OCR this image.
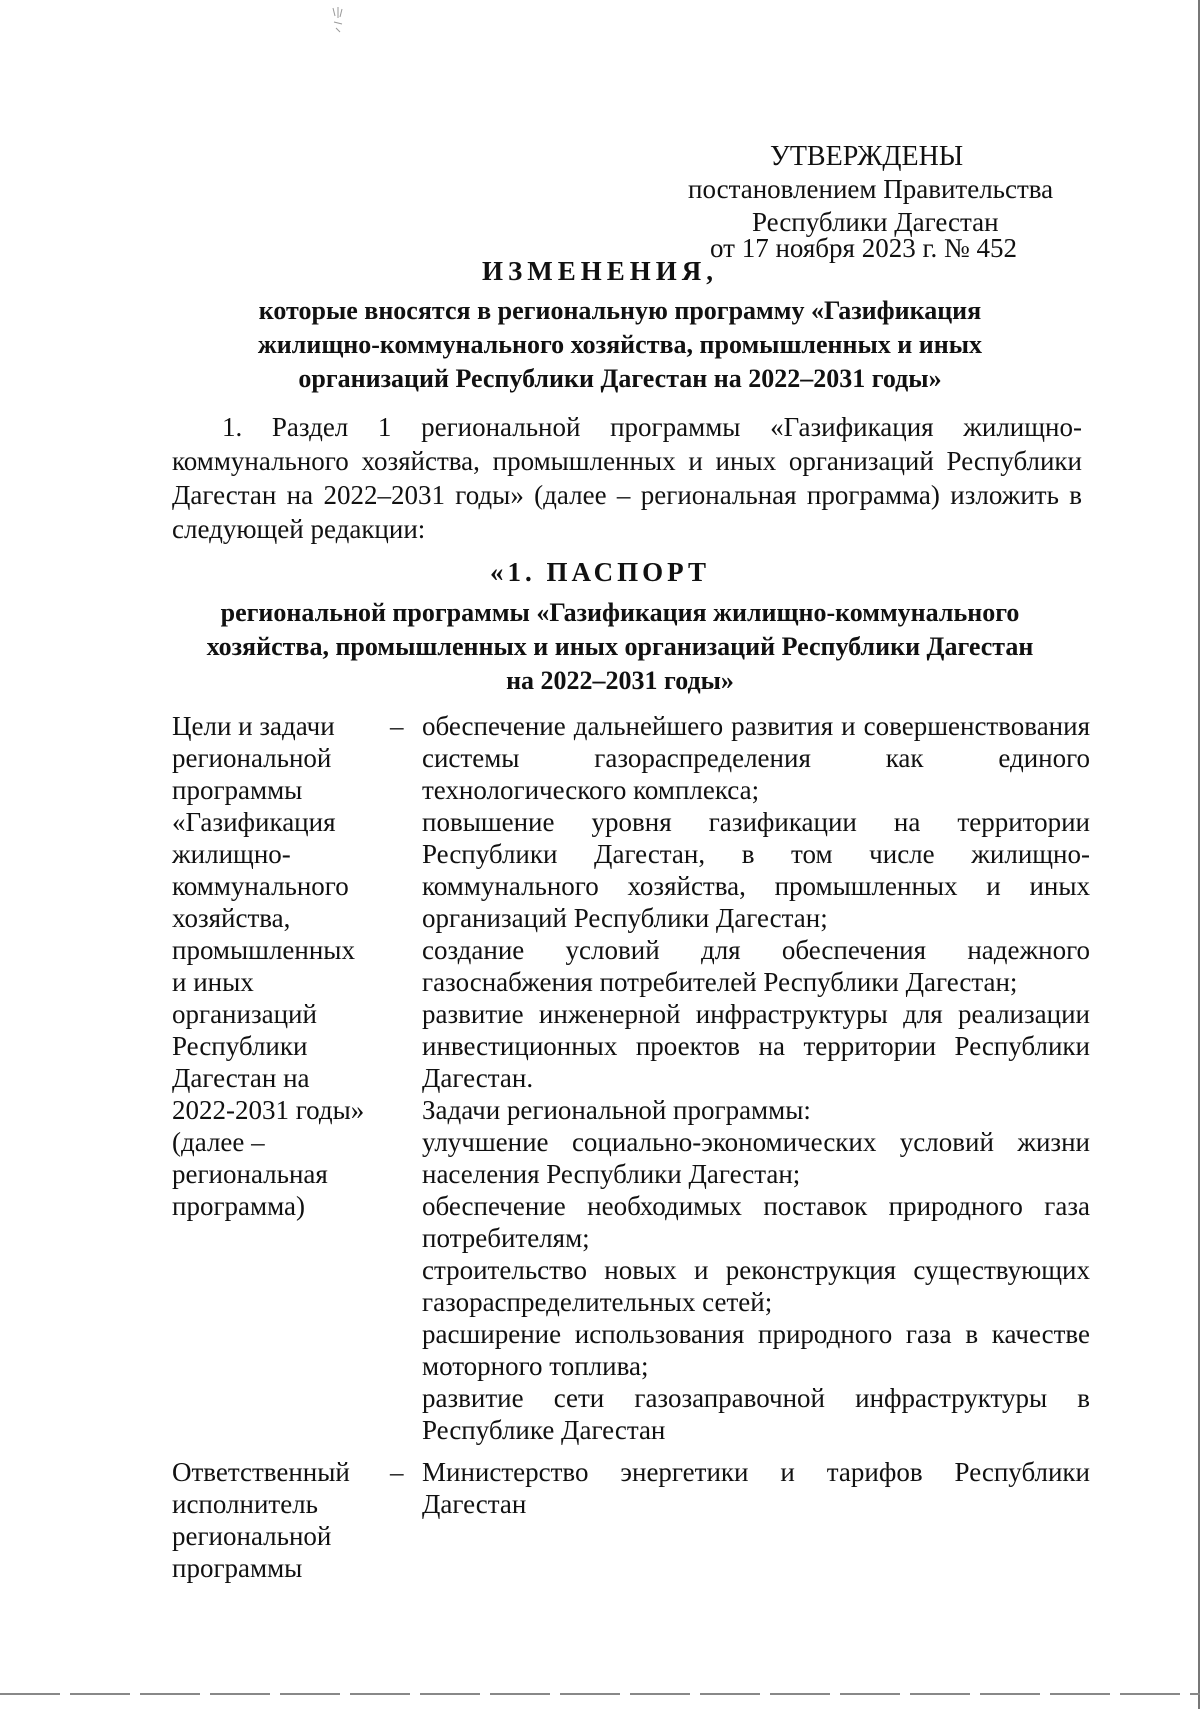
УТВЕРЖДЕНЫ
постановлением Правительства
Республики Дагестан
от 17 ноября 2023 г. № 452
ИЗМЕНЕНИЯ,
которые вносятся в региональную программу «Газификация жилищно-коммунального хозяйства, промышленных и иных организаций Республики Дагестан на 2022–2031 годы»
1. Раздел 1 региональной программы «Газификация жилищно-коммунального хозяйства, промышленных и иных организаций Республики Дагестан на 2022–2031 годы» (далее – региональная программа) изложить в следующей редакции:
«1. ПАСПОРТ
региональной программы «Газификация жилищно-коммунального хозяйства, промышленных и иных организаций Республики Дагестан на 2022–2031 годы»
Цели и задачи региональной программы «Газификация жилищно-коммунального хозяйства, промышленных и иных организаций Республики Дагестан на 2022-2031 годы» (далее – региональная программа)
– обеспечение дальнейшего развития и совершенствования системы газораспределения как единого технологического комплекса;

повышение уровня газификации на территории Республики Дагестан, в том числе жилищно-коммунального хозяйства, промышленных и иных организаций Республики Дагестан;

создание условий для обеспечения надежного газоснабжения потребителей Республики Дагестан;

развитие инженерной инфраструктуры для реализации инвестиционных проектов на территории Республики Дагестан.

Задачи региональной программы:

улучшение социально-экономических условий жизни населения Республики Дагестан;

обеспечение необходимых поставок природного газа потребителям;

строительство новых и реконструкция существующих газораспределительных сетей;

расширение использования природного газа в качестве моторного топлива;

развитие сети газозаправочной инфраструктуры в Республике Дагестан

Ответственный исполнитель региональной программы
– Министерство энергетики и тарифов Республики Дагестан
